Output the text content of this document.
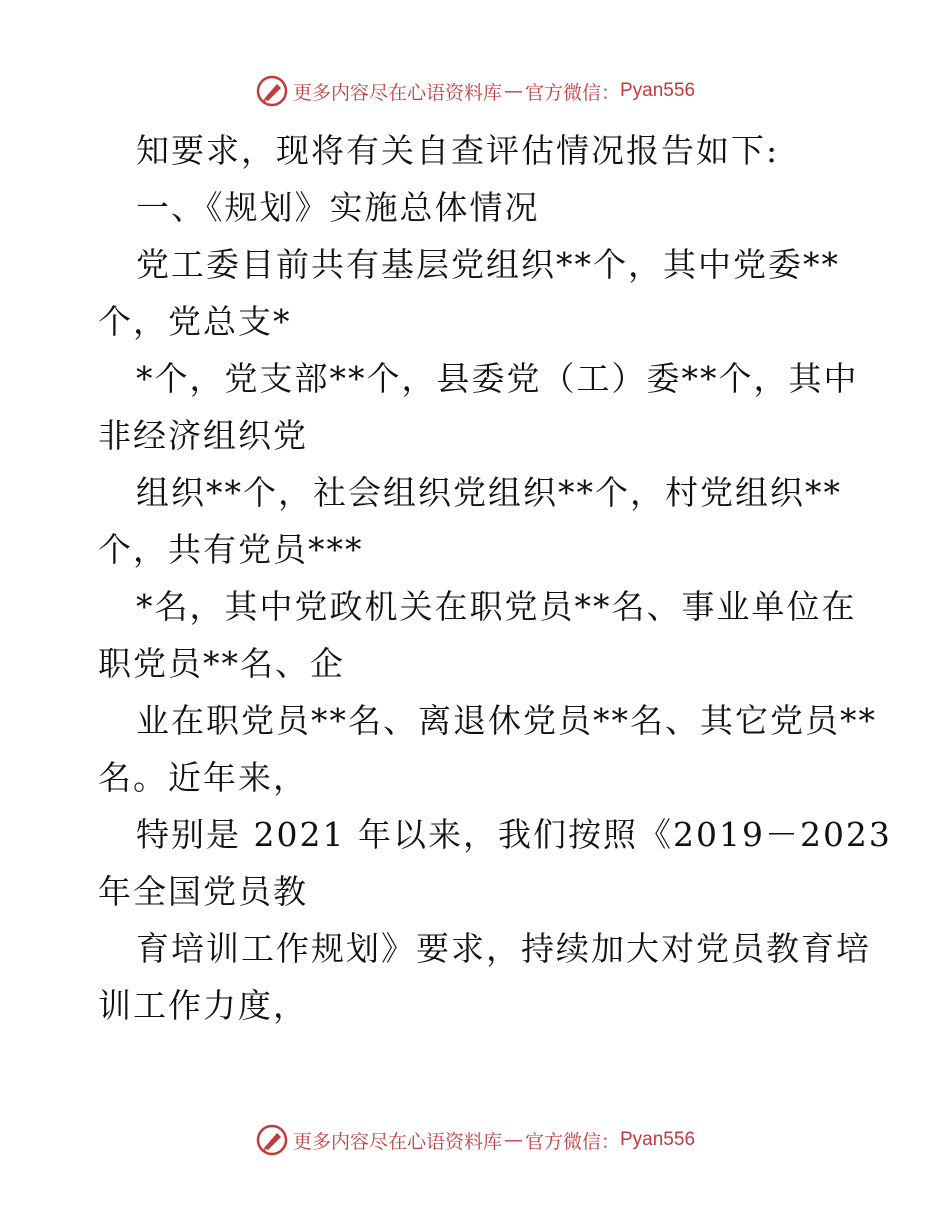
更多内容尽在心语资料库 — 官方微信： Pyan556
知要求，现将有关自查评估情况报告如下:
一、《规划》实施总体情况
党工委目前共有基层党组织**个，其中党委**
个，党总支*
*个，党支部**个，县委党（工）委**个，其中
非经济组织党
组织**个，社会组织党组织**个，村党组织**
个，共有党员***
*名，其中党政机关在职党员**名、事业单位在
职党员**名、企
业在职党员**名、离退休党员**名、其它党员**
名。近年来，
特别是 2021 年以来，我们按照《2019－2023
年全国党员教
育培训工作规划》要求，持续加大对党员教育培
训工作力度，
更多内容尽在心语资料库 — 官方微信： Pyan556
